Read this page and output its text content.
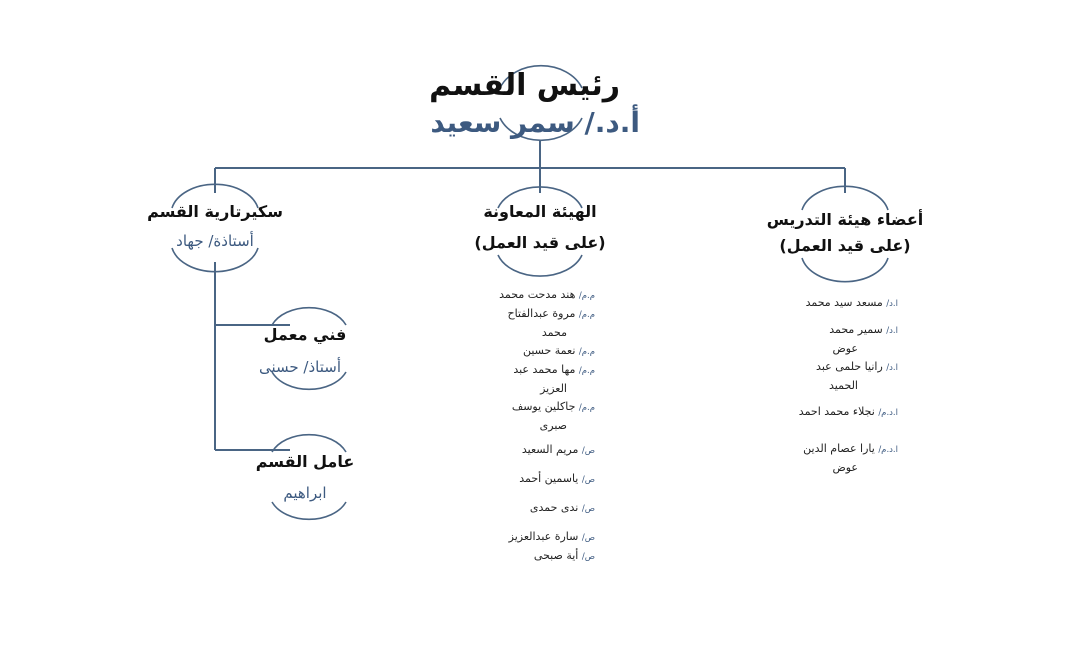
رئيس القسم
أ.د./ سمر سعيد
سكيرتارية القسم
أستاذة/ جهاد
فني معمل
أستاذ/ حسنى
عامل القسم
ابراهيم
الهيئة المعاونة
(على قيد العمل)
أعضاء هيئة التدريس
(على قيد العمل)
م.م/ هند مدحت محمد
م.م/ مروة عبدالفتاح
محمد
م.م/ نعمة حسين
م.م/ مها محمد عبد
العزيز
م.م/ جاكلين يوسف
صبرى
ص/ مريم السعيد
ص/ ياسمين أحمد
ص/ ندى حمدى
ص/ سارة عبدالعزيز
ص/ أية صبحى
ا.د/ مسعد سيد محمد
ا.د/ سمير محمد
عوض
ا.د/ رانيا حلمى عبد
الحميد
ا.د.م/ نجلاء محمد احمد
ا.د.م/ يارا عصام الدين
عوض
